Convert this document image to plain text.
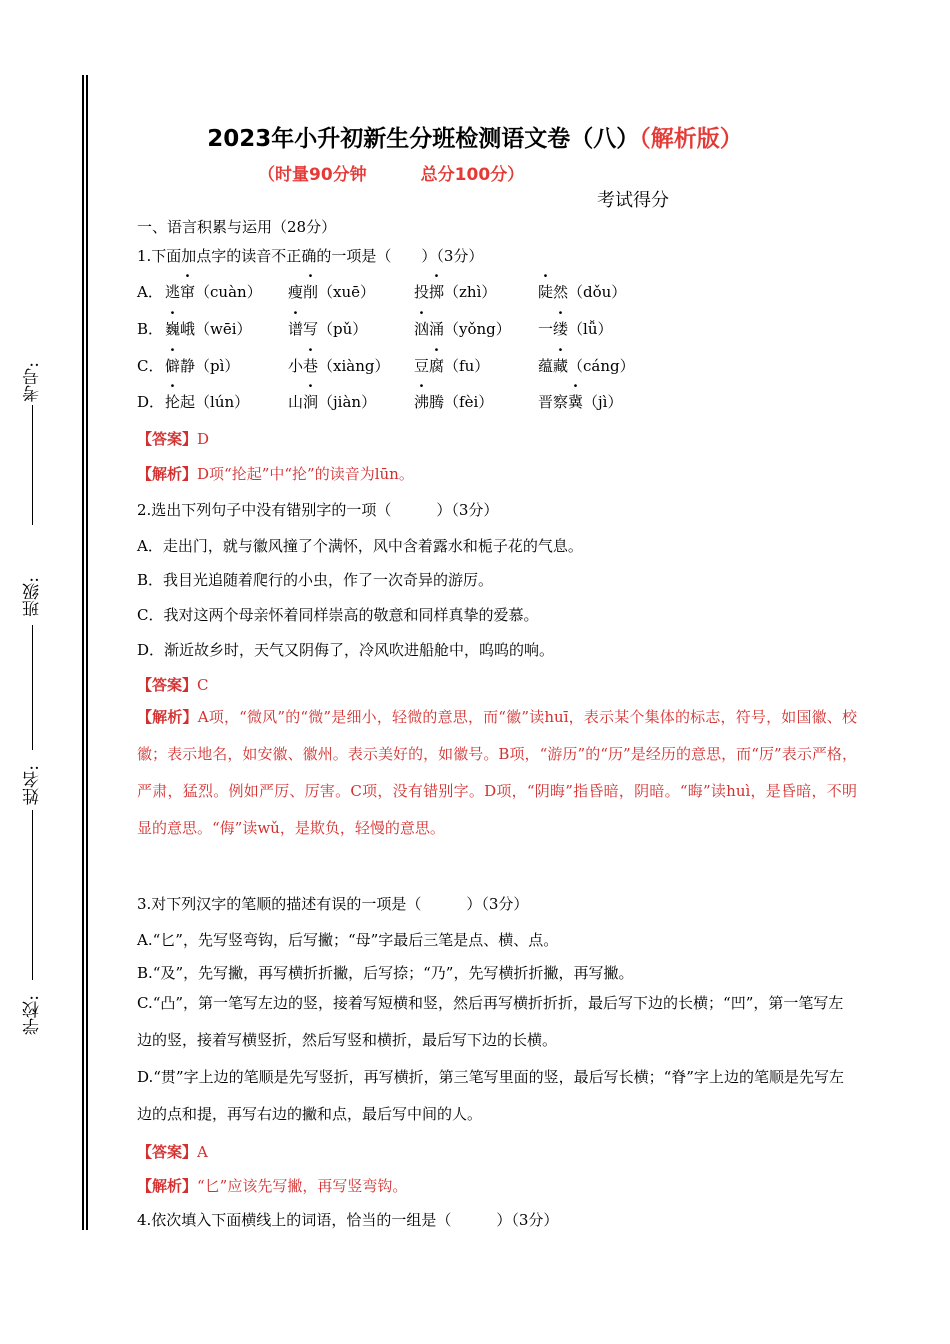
考号:
班级:
姓名:
学校:
2023年小升初新生分班检测语文卷（八）（解析版）
（时量90分钟	总分100分）
考试得分
一、语言积累与运用（28分）
1.下面加点字的读音不正确的一项是（　　）（3分）
A． 逃窜（cuàn） 瘦削（xuē）	投掷（zhì）	陡然（dǒu）
B． 巍峨（wēi） 谱写（pǔ）	汹涌（yǒng） 一缕（lǚ）
C． 僻静（pì）	小巷（xiàng） 豆腐（fu）	蕴藏（cáng）
D． 抡起（lún）	山涧（jiàn）	沸腾（fèi）	晋察冀（jì）
【答案】D
【解析】D项“抡起”中“抡”的读音为lūn。
2.选出下列句子中没有错别字的一项（　　　）（3分）
A．走出门，就与徽风撞了个满怀，风中含着露水和栀子花的气息。
B．我目光追随着爬行的小虫，作了一次奇异的游厉。
C．我对这两个母亲怀着同样崇高的敬意和同样真挚的爱慕。
D．渐近故乡时，天气又阴侮了，冷风吹进船舱中，呜呜的响。
【答案】C
【解析】A项，“微风”的“微”是细小，轻微的意思，而“徽”读huī，表示某个集体的标志，符号，如国徽、校徽；表示地名，如安徽、徽州。表示美好的，如徽号。B项，“游历”的“历”是经历的意思，而“厉”表示严格，严肃，猛烈。例如严厉、厉害。C项，没有错别字。D项，“阴晦”指昏暗，阴暗。“晦”读huì，是昏暗，不明显的意思。“侮”读wǔ，是欺负，轻慢的意思。
3.对下列汉字的笔顺的描述有误的一项是（　　　）（3分）
A.“匕”，先写竖弯钩，后写撇；“母”字最后三笔是点、横、点。
B.“及”，先写撇，再写横折折撇，后写捺；“乃”，先写横折折撇，再写撇。
C.“凸”，第一笔写左边的竖，接着写短横和竖，然后再写横折折折，最后写下边的长横；“凹”，第一笔写左边的竖，接着写横竖折，然后写竖和横折，最后写下边的长横。
D.“贯”字上边的笔顺是先写竖折，再写横折，第三笔写里面的竖，最后写长横；“脊”字上边的笔顺是先写左边的点和提，再写右边的撇和点，最后写中间的人。
【答案】A
【解析】“匕”应该先写撇，再写竖弯钩。
4.依次填入下面横线上的词语，恰当的一组是（　　　）（3分）
